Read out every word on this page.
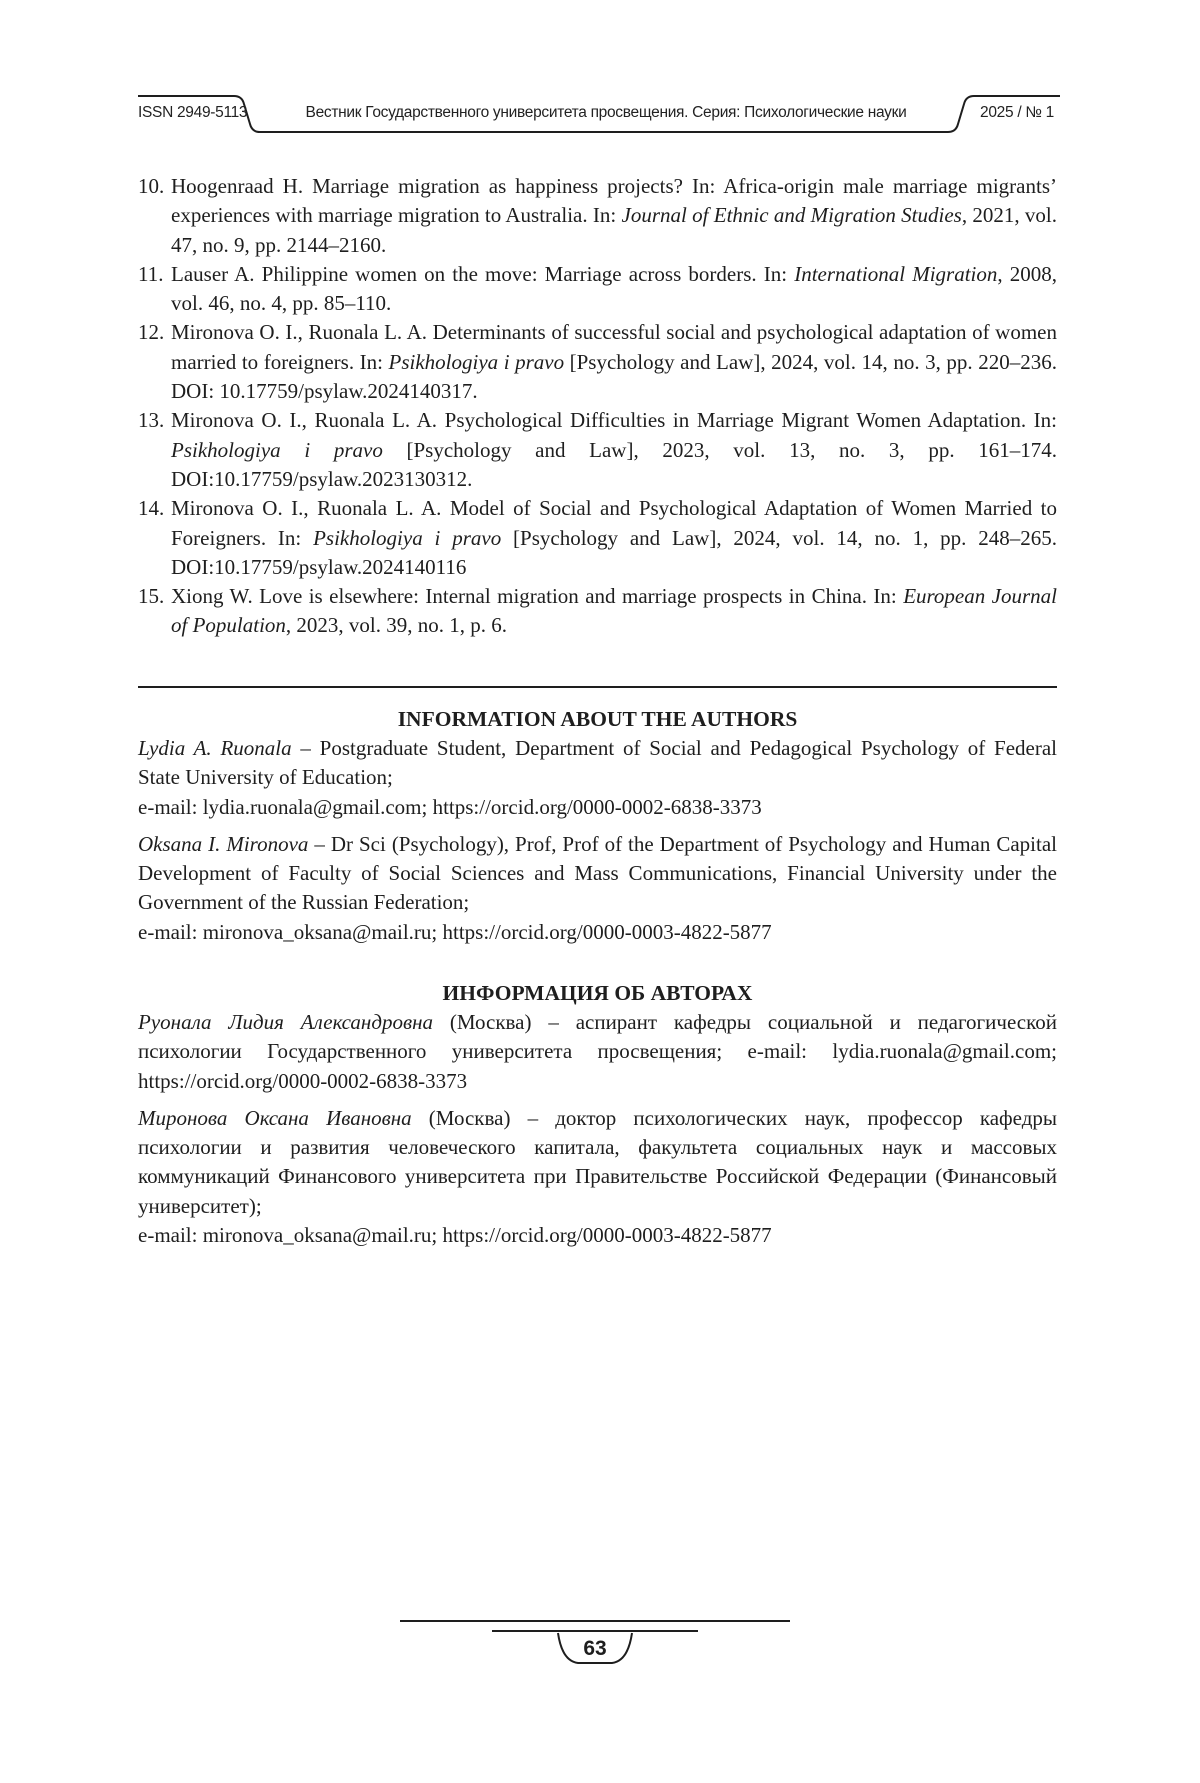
ISSN 2949-5113	Вестник Государственного университета просвещения. Серия: Психологические науки	2025 / № 1
10. Hoogenraad H. Marriage migration as happiness projects? In: Africa-origin male marriage migrants’ experiences with marriage migration to Australia. In: Journal of Ethnic and Migration Studies, 2021, vol. 47, no. 9, pp. 2144–2160.
11. Lauser A. Philippine women on the move: Marriage across borders. In: International Migration, 2008, vol. 46, no. 4, pp. 85–110.
12. Mironova O. I., Ruonala L. A. Determinants of successful social and psychological adaptation of women married to foreigners. In: Psikhologiya i pravo [Psychology and Law], 2024, vol. 14, no. 3, pp. 220–236. DOI: 10.17759/psylaw.2024140317.
13. Mironova O. I., Ruonala L. A. Psychological Difficulties in Marriage Migrant Women Adaptation. In: Psikhologiya i pravo [Psychology and Law], 2023, vol. 13, no. 3, pp. 161–174. DOI:10.17759/psylaw.2023130312.
14. Mironova O. I., Ruonala L. A. Model of Social and Psychological Adaptation of Women Married to Foreigners. In: Psikhologiya i pravo [Psychology and Law], 2024, vol. 14, no. 1, pp. 248–265. DOI:10.17759/psylaw.2024140116
15. Xiong W. Love is elsewhere: Internal migration and marriage prospects in China. In: European Journal of Population, 2023, vol. 39, no. 1, p. 6.
INFORMATION ABOUT THE AUTHORS

Lydia A. Ruonala – Postgraduate Student, Department of Social and Pedagogical Psychology of Federal State University of Education;

e-mail: lydia.ruonala@gmail.com; https://orcid.org/0000-0002-6838-3373

Oksana I. Mironova – Dr Sci (Psychology), Prof, Prof of the Department of Psychology and Human Capital Development of Faculty of Social Sciences and Mass Communications, Financial University under the Government of the Russian Federation;

e-mail: mironova_oksana@mail.ru; https://orcid.org/0000-0003-4822-5877

ИНФОРМАЦИЯ ОБ АВТОРАХ

Руонала Лидия Александровна (Москва) – аспирант кафедры социальной и педагогической психологии Государственного университета просвещения; e-mail: lydia.ruonala@gmail.com; https://orcid.org/0000-0002-6838-3373

Миронова Оксана Ивановна (Москва) – доктор психологических наук, профессор кафедры психологии и развития человеческого капитала, факультета социальных наук и массовых коммуникаций Финансового университета при Правительстве Российской Федерации (Финансовый университет);

e-mail: mironova_oksana@mail.ru; https://orcid.org/0000-0003-4822-5877

63
